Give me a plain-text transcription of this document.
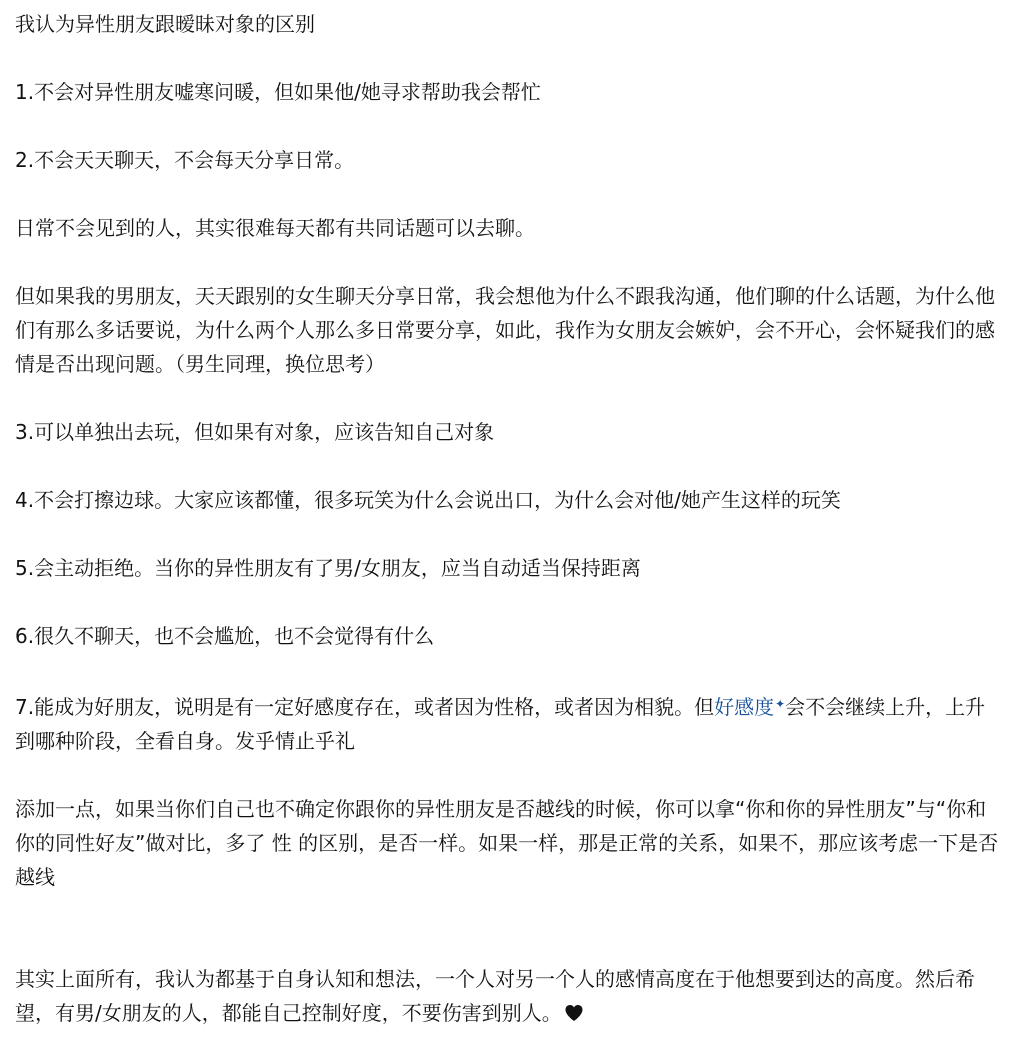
我认为异性朋友跟暧昧对象的区别

1.不会对异性朋友嘘寒问暖，但如果他/她寻求帮助我会帮忙

2.不会天天聊天，不会每天分享日常。

日常不会见到的人，其实很难每天都有共同话题可以去聊。

但如果我的男朋友，天天跟别的女生聊天分享日常，我会想他为什么不跟我沟通，他们聊的什么话题，为什么他们有那么多话要说，为什么两个人那么多日常要分享，如此，我作为女朋友会嫉妒，会不开心，会怀疑我们的感情是否出现问题。（男生同理，换位思考）

3.可以单独出去玩，但如果有对象，应该告知自己对象

4.不会打擦边球。大家应该都懂，很多玩笑为什么会说出口，为什么会对他/她产生这样的玩笑

5.会主动拒绝。当你的异性朋友有了男/女朋友，应当自动适当保持距离

6.很久不聊天，也不会尴尬，也不会觉得有什么

7.能成为好朋友，说明是有一定好感度存在，或者因为性格，或者因为相貌。但好感度✦会不会继续上升，上升到哪种阶段，全看自身。发乎情止乎礼

添加一点，如果当你们自己也不确定你跟你的异性朋友是否越线的时候，你可以拿“你和你的异性朋友”与“你和你的同性好友”做对比，多了 性 的区别，是否一样。如果一样，那是正常的关系，如果不，那应该考虑一下是否越线

其实上面所有，我认为都基于自身认知和想法，一个人对另一个人的感情高度在于他想要到达的高度。然后希望，有男/女朋友的人，都能自己控制好度，不要伤害到别人。
